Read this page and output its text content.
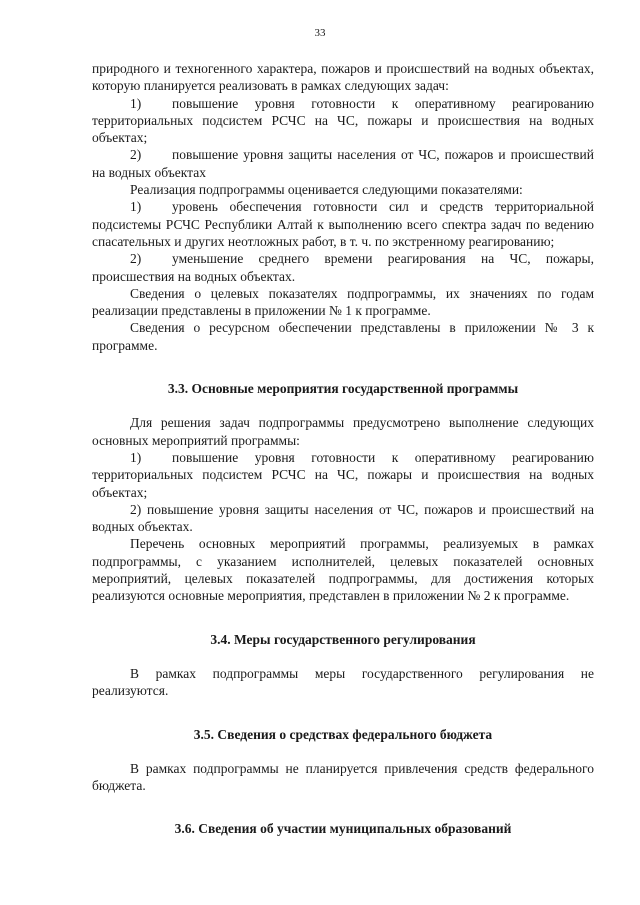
33

природного и техногенного характера, пожаров и происшествий на водных объектах, которую планируется реализовать в рамках следующих задач:

1) повышение уровня готовности к оперативному реагированию территориальных подсистем РСЧС на ЧС, пожары и происшествия на водных объектах;

2) повышение уровня защиты населения от ЧС, пожаров и происшествий на водных объектах

Реализация подпрограммы оценивается следующими показателями:

1) уровень обеспечения готовности сил и средств территориальной подсистемы РСЧС Республики Алтай к выполнению всего спектра задач по ведению спасательных и других неотложных работ, в т. ч. по экстренному реагированию;

2) уменьшение среднего времени реагирования на ЧС, пожары, происшествия на водных объектах.

Сведения о целевых показателях подпрограммы, их значениях по годам реализации представлены в приложении № 1 к программе.

Сведения о ресурсном обеспечении представлены в приложении № 3 к программе.

3.3. Основные мероприятия государственной программы

Для решения задач подпрограммы предусмотрено выполнение следующих основных мероприятий программы:

1) повышение уровня готовности к оперативному реагированию территориальных подсистем РСЧС на ЧС, пожары и происшествия на водных объектах;

2) повышение уровня защиты населения от ЧС, пожаров и происшествий на водных объектах.

Перечень основных мероприятий программы, реализуемых в рамках подпрограммы, с указанием исполнителей, целевых показателей основных мероприятий, целевых показателей подпрограммы, для достижения которых реализуются основные мероприятия, представлен в приложении № 2 к программе.

3.4. Меры государственного регулирования

В рамках подпрограммы меры государственного регулирования не реализуются.

3.5. Сведения о средствах федерального бюджета

В рамках подпрограммы не планируется привлечения средств федерального бюджета.

3.6. Сведения об участии муниципальных образований
